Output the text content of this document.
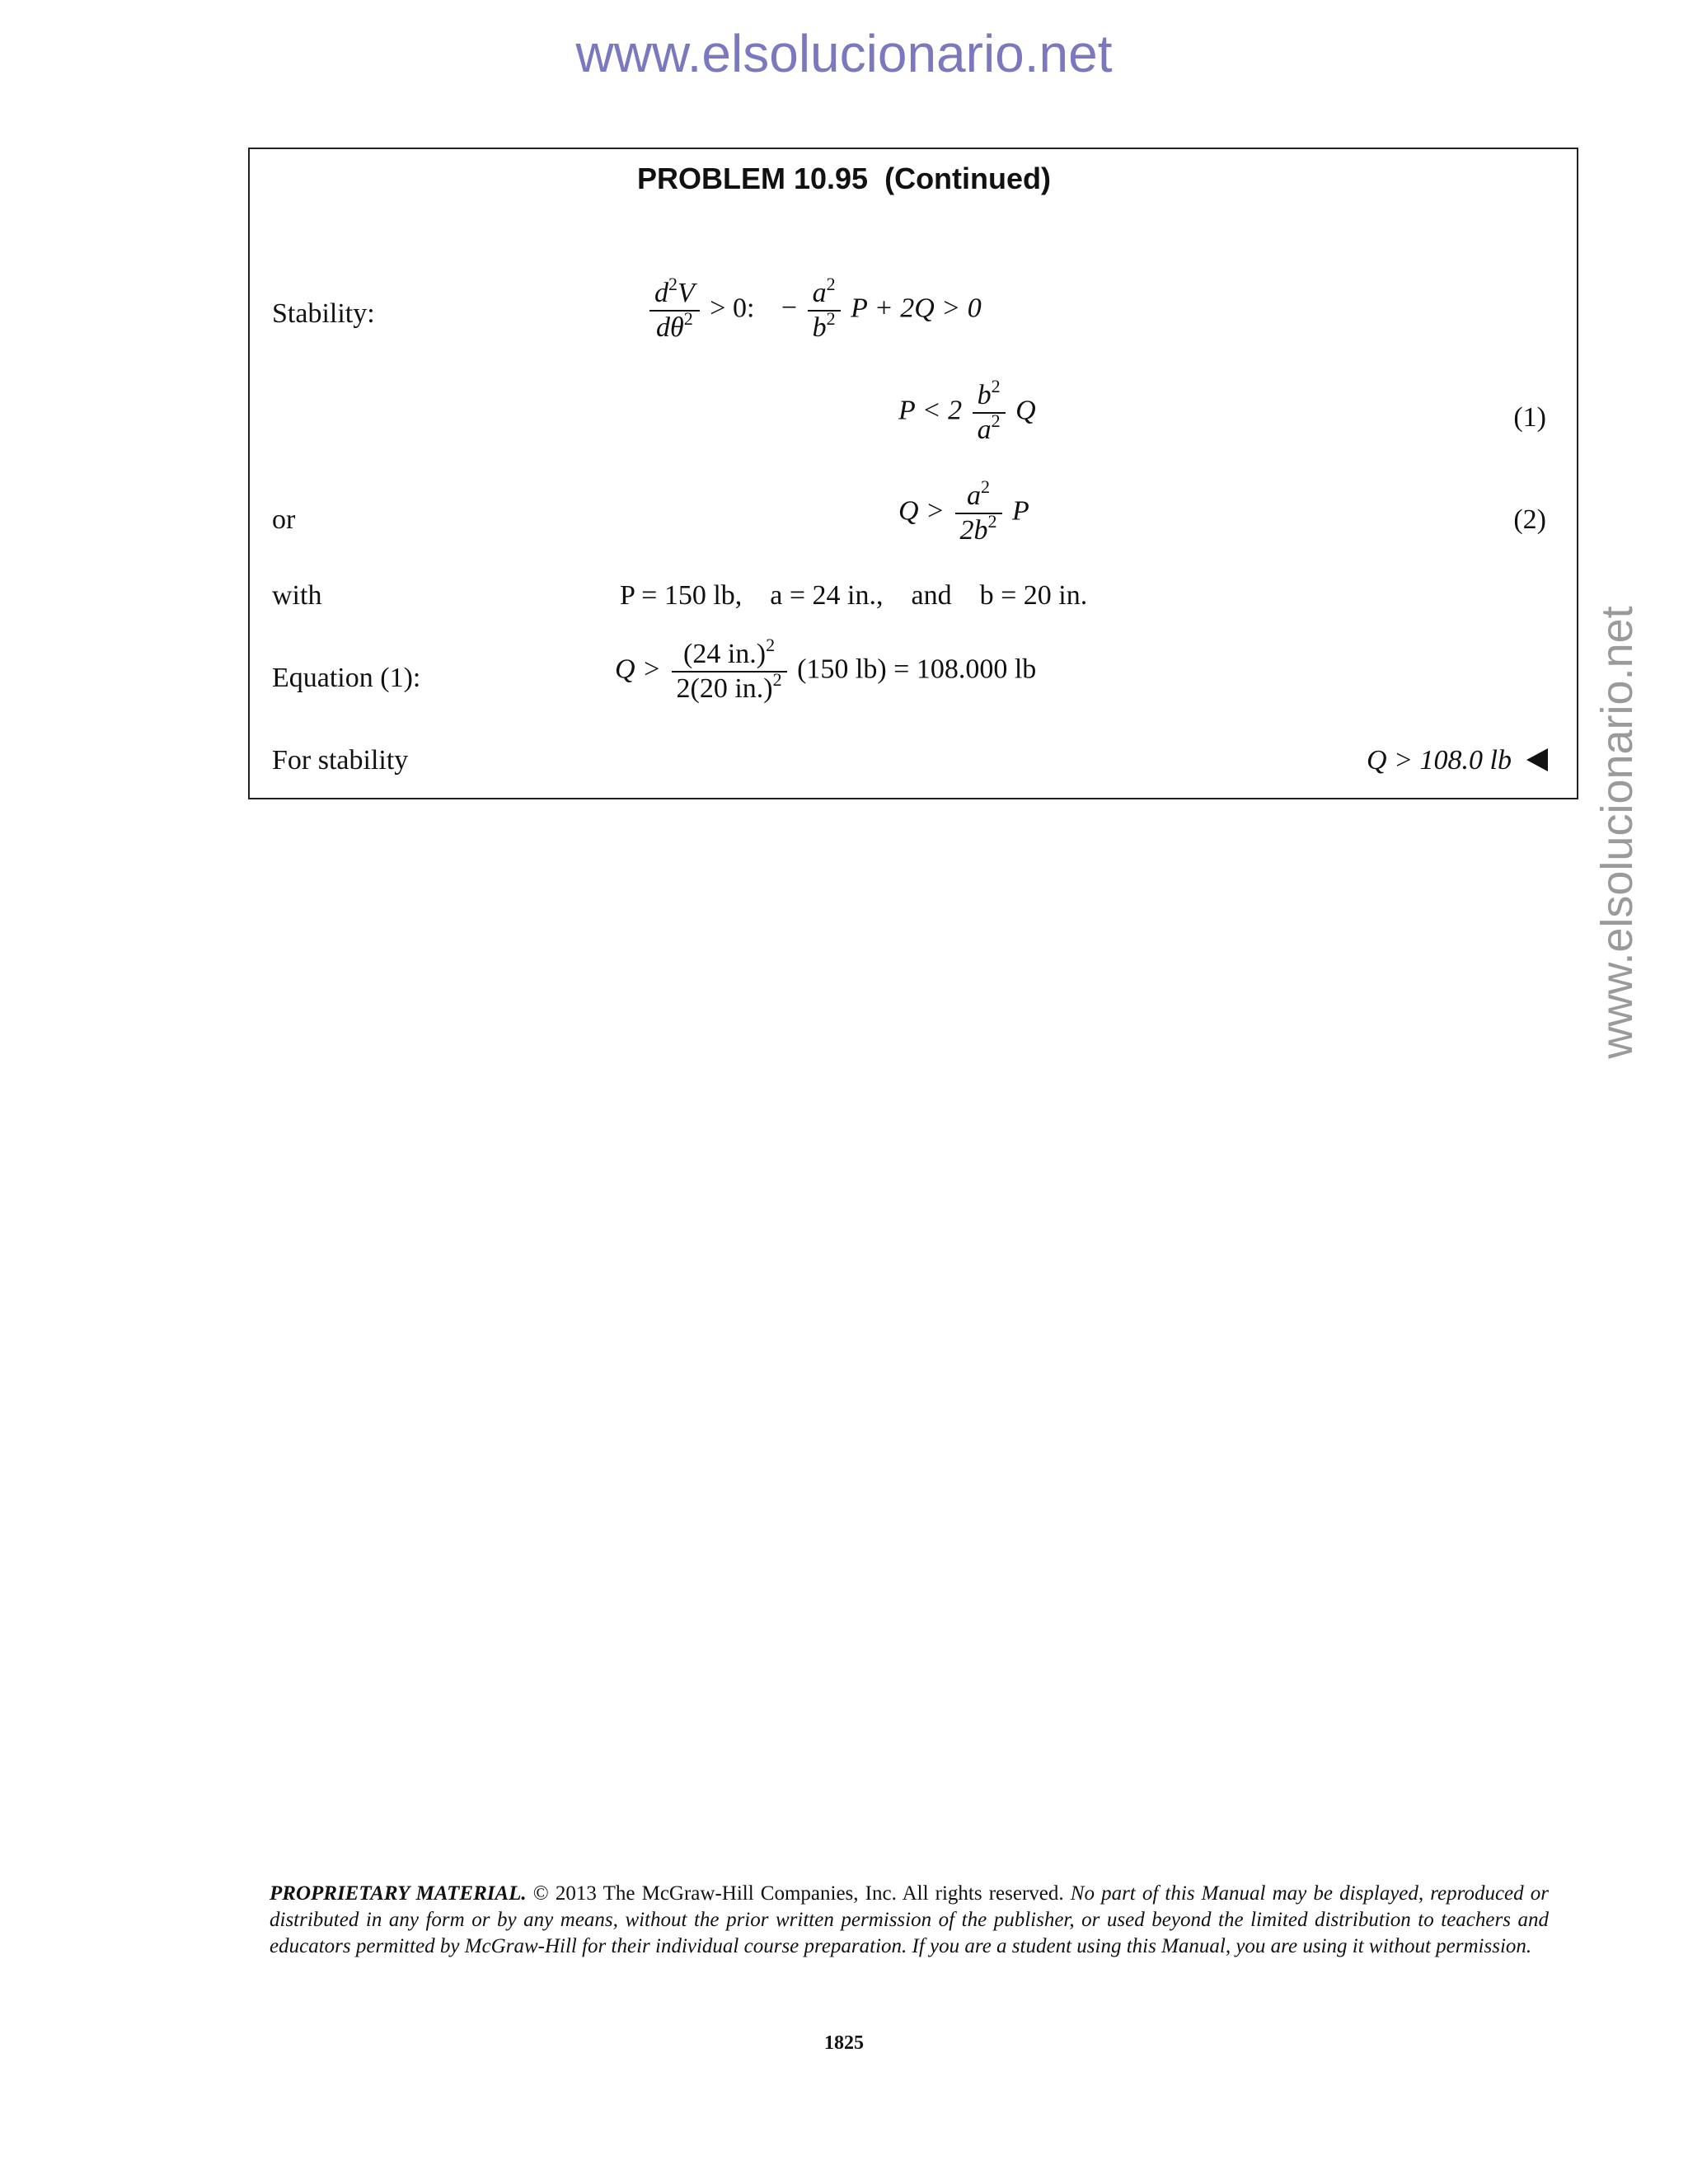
www.elsolucionario.net
www.elsolucionario.net
PROBLEM 10.95  (Continued)
Stability:	$\frac{d^2V}{d\theta^2} > 0$: − $\frac{a^2}{b^2}$ P + 2Q > 0
$P < 2 \frac{b^2}{a^2}$ Q	(1)
or	$Q > \frac{a^2}{2b^2}$ P	(2)
with	P = 150 lb,    a = 24 in.,    and    b = 20 in.
Equation (1):	$Q > \frac{(24 in.)^2}{2(20 in.)^2} (150$ lb) = 108.000 lb
For stability	Q > 108.0 lb
PROPRIETARY MATERIAL. © 2013 The McGraw-Hill Companies, Inc. All rights reserved. No part of this Manual may be displayed, reproduced or distributed in any form or by any means, without the prior written permission of the publisher, or used beyond the limited distribution to teachers and educators permitted by McGraw-Hill for their individual course preparation. If you are a student using this Manual, you are using it without permission.
1825
